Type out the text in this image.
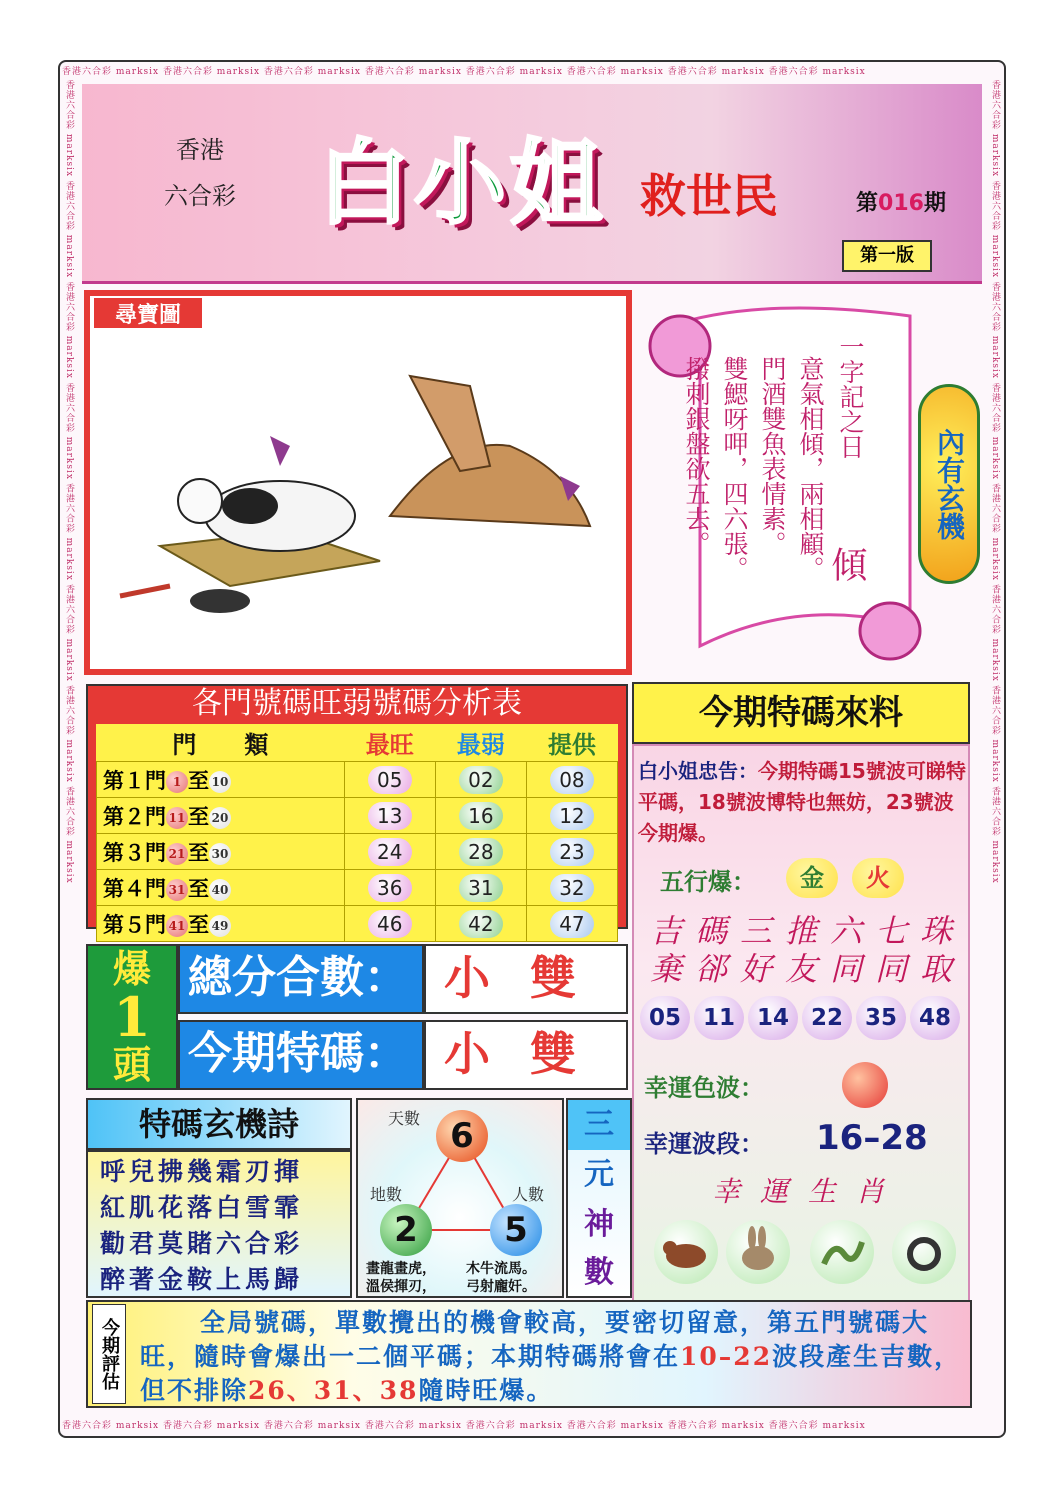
香港六合彩 marksix 香港六合彩 marksix 香港六合彩 marksix 香港六合彩 marksix 香港六合彩 marksix 香港六合彩 marksix 香港六合彩 marksix 香港六合彩 marksix
香港六合彩 marksix 香港六合彩 marksix 香港六合彩 marksix 香港六合彩 marksix 香港六合彩 marksix 香港六合彩 marksix 香港六合彩 marksix 香港六合彩 marksix
香港六合彩 marksix 香港六合彩 marksix 香港六合彩 marksix 香港六合彩 marksix 香港六合彩 marksix 香港六合彩 marksix 香港六合彩 marksix 香港六合彩 marksix	香港六合彩 marksix 香港六合彩 marksix 香港六合彩 marksix 香港六合彩 marksix 香港六合彩 marksix 香港六合彩 marksix 香港六合彩 marksix 香港六合彩 marksix
香港
六合彩 白小姐 救世民	第016期
第一版
尋寶圖
一字記之日
傾
意氣相傾，兩相顧。
門酒雙魚表情素。
雙鰓呀呷，四六張。
撥刺銀盤欲五去。	內有玄機
各門號碼旺弱號碼分析表
門　　類	最旺	最弱	提供
第１門 1 至 10	05	02	08
第２門 11 至 20	13	16	12
第３門 21 至 30	24	28	23
第４門 31 至 40	36	31	32
第５門 41 至 49	46	42	47
今期特碼來料
白小姐忠告：今期特碼15號波可睇特平碼，18號波博特也無妨，23號波今期爆。
五行爆：	金	火
吉碼三推六七珠
棄郤好友同同取
05 11 14 22 35 48
幸運色波：
幸運波段： 16–28
幸運生肖
爆
1
頭
總分合數： 小雙
今期特碼： 小雙
特碼玄機詩
呼兒拂幾霜刃揮
紅肌花落白雪霏
勸君莫賭六合彩
醉著金鞍上馬歸
天數 6
地數
2
人數
5
畫龍畫虎，
溫侯揮刃，
木牛流馬。
弓射龐奸。
三
元
神
數
今期評估	全局號碼，單數攪出的機會較高，要密切留意，第五門號碼大旺，隨時會爆出一二個平碼；本期特碼將會在10–22波段產生吉數，但不排除26、31、38隨時旺爆。
